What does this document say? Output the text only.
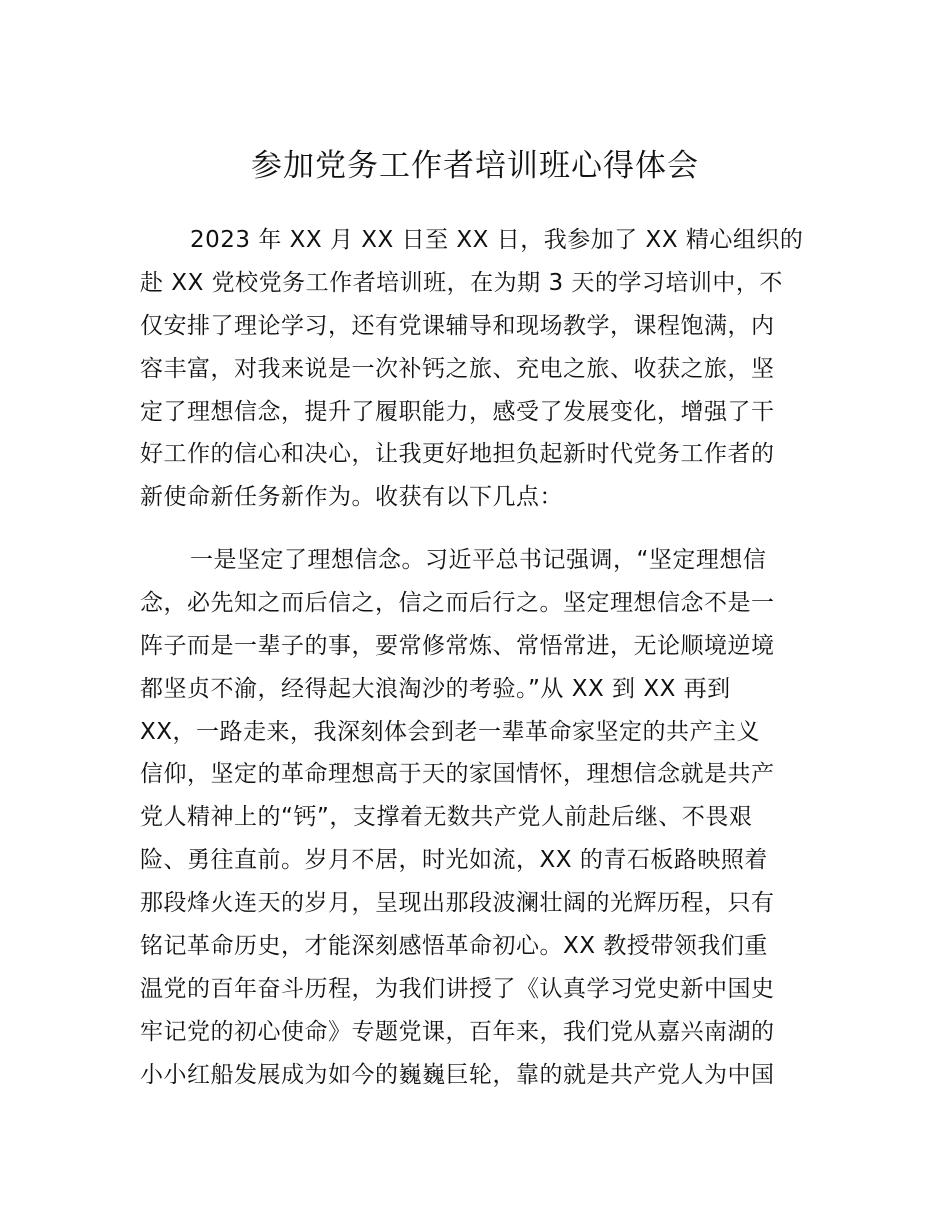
参加党务工作者培训班心得体会
2023 年 XX 月 XX 日至 XX 日，我参加了 XX 精心组织的
赴 XX 党校党务工作者培训班，在为期 3 天的学习培训中，不
仅安排了理论学习，还有党课辅导和现场教学，课程饱满，内
容丰富，对我来说是一次补钙之旅、充电之旅、收获之旅，坚
定了理想信念，提升了履职能力，感受了发展变化，增强了干
好工作的信心和决心，让我更好地担负起新时代党务工作者的
新使命新任务新作为。收获有以下几点：
一是坚定了理想信念。习近平总书记强调，“坚定理想信
念，必先知之而后信之，信之而后行之。坚定理想信念不是一
阵子而是一辈子的事，要常修常炼、常悟常进，无论顺境逆境
都坚贞不渝，经得起大浪淘沙的考验。”从 XX 到 XX 再到
XX，一路走来，我深刻体会到老一辈革命家坚定的共产主义
信仰，坚定的革命理想高于天的家国情怀，理想信念就是共产
党人精神上的“钙”，支撑着无数共产党人前赴后继、不畏艰
险、勇往直前。岁月不居，时光如流，XX 的青石板路映照着
那段烽火连天的岁月，呈现出那段波澜壮阔的光辉历程，只有
铭记革命历史，才能深刻感悟革命初心。XX 教授带领我们重
温党的百年奋斗历程，为我们讲授了《认真学习党史新中国史
牢记党的初心使命》专题党课，百年来，我们党从嘉兴南湖的
小小红船发展成为如今的巍巍巨轮，靠的就是共产党人为中国
